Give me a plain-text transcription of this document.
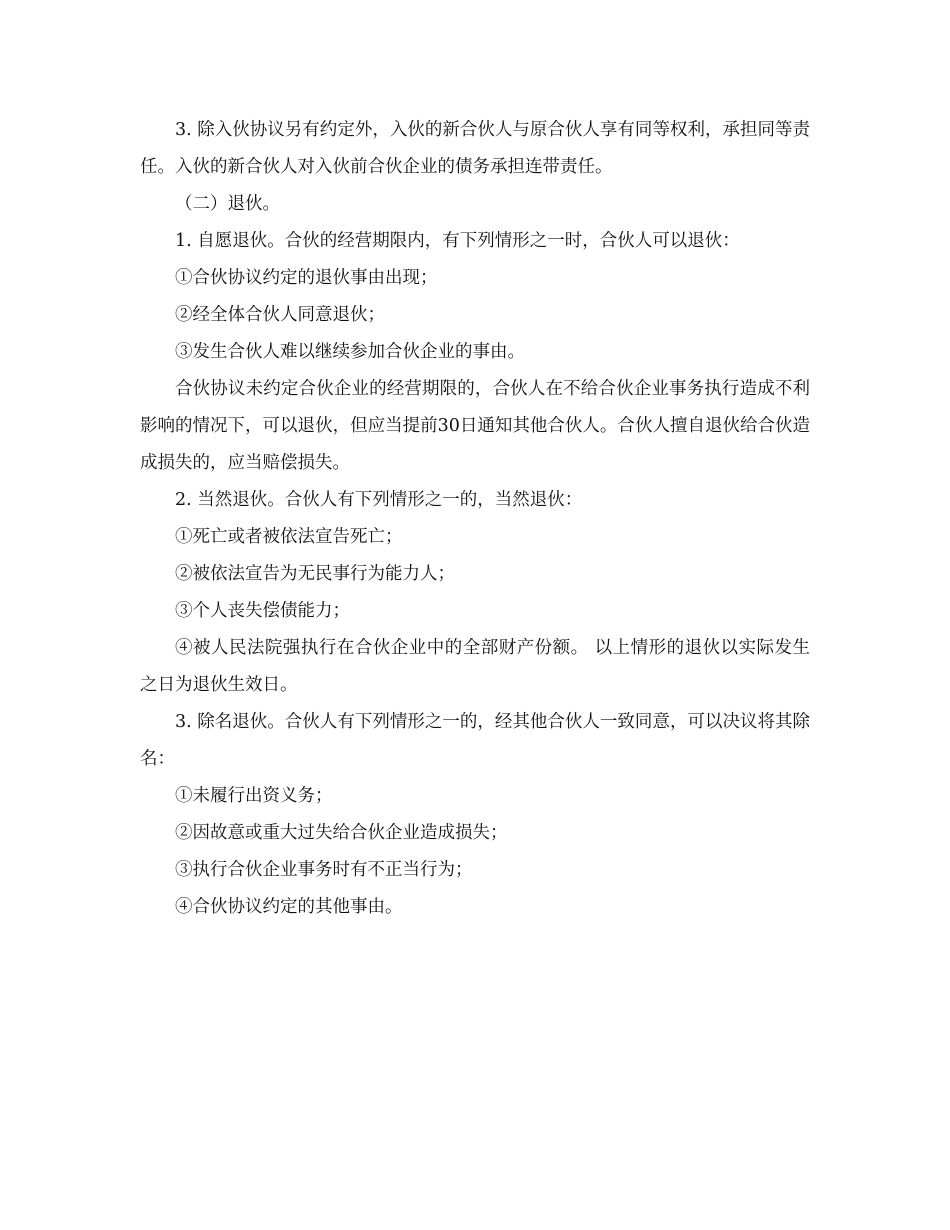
3. 除入伙协议另有约定外，入伙的新合伙人与原合伙人享有同等权利，承担同等责任。入伙的新合伙人对入伙前合伙企业的债务承担连带责任。

（二）退伙。

1. 自愿退伙。合伙的经营期限内，有下列情形之一时，合伙人可以退伙：

①合伙协议约定的退伙事由出现；

②经全体合伙人同意退伙；

③发生合伙人难以继续参加合伙企业的事由。

合伙协议未约定合伙企业的经营期限的，合伙人在不给合伙企业事务执行造成不利影响的情况下，可以退伙，但应当提前30日通知其他合伙人。合伙人擅自退伙给合伙造成损失的，应当赔偿损失。

2. 当然退伙。合伙人有下列情形之一的，当然退伙：

①死亡或者被依法宣告死亡；

②被依法宣告为无民事行为能力人；

③个人丧失偿债能力；

④被人民法院强执行在合伙企业中的全部财产份额。 以上情形的退伙以实际发生之日为退伙生效日。

3. 除名退伙。合伙人有下列情形之一的，经其他合伙人一致同意，可以决议将其除名：

①未履行出资义务；

②因故意或重大过失给合伙企业造成损失；

③执行合伙企业事务时有不正当行为；

④合伙协议约定的其他事由。
